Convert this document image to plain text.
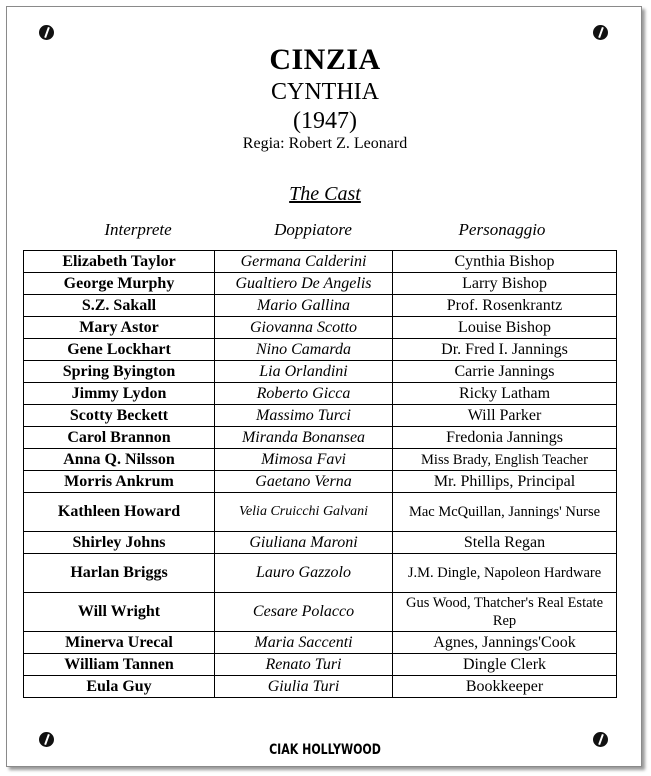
CINZIA
CYNTHIA
(1947)
Regia: Robert Z. Leonard
The Cast
Interprete	Doppiatore	Personaggio
Elizabeth Taylor	Germana Calderini	Cynthia Bishop
George Murphy	Gualtiero De Angelis	Larry Bishop
S.Z. Sakall	Mario Gallina	Prof. Rosenkrantz
Mary Astor	Giovanna Scotto	Louise Bishop
Gene Lockhart	Nino Camarda	Dr. Fred I. Jannings
Spring Byington	Lia Orlandini	Carrie Jannings
Jimmy Lydon	Roberto Gicca	Ricky Latham
Scotty Beckett	Massimo Turci	Will Parker
Carol Brannon	Miranda Bonansea	Fredonia Jannings
Anna Q. Nilsson	Mimosa Favi	Miss Brady, English Teacher
Morris Ankrum	Gaetano Verna	Mr. Phillips, Principal
Kathleen Howard	Velia Cruicchi Galvani	Mac McQuillan, Jannings' Nurse
Shirley Johns	Giuliana Maroni	Stella Regan
Harlan Briggs	Lauro Gazzolo	J.M. Dingle, Napoleon Hardware
Will Wright	Cesare Polacco	Gus Wood, Thatcher's Real Estate Rep
Minerva Urecal	Maria Saccenti	Agnes, Jannings'Cook
William Tannen	Renato Turi	Dingle Clerk
Eula Guy	Giulia Turi	Bookkeeper
CIAK HOLLYWOOD
